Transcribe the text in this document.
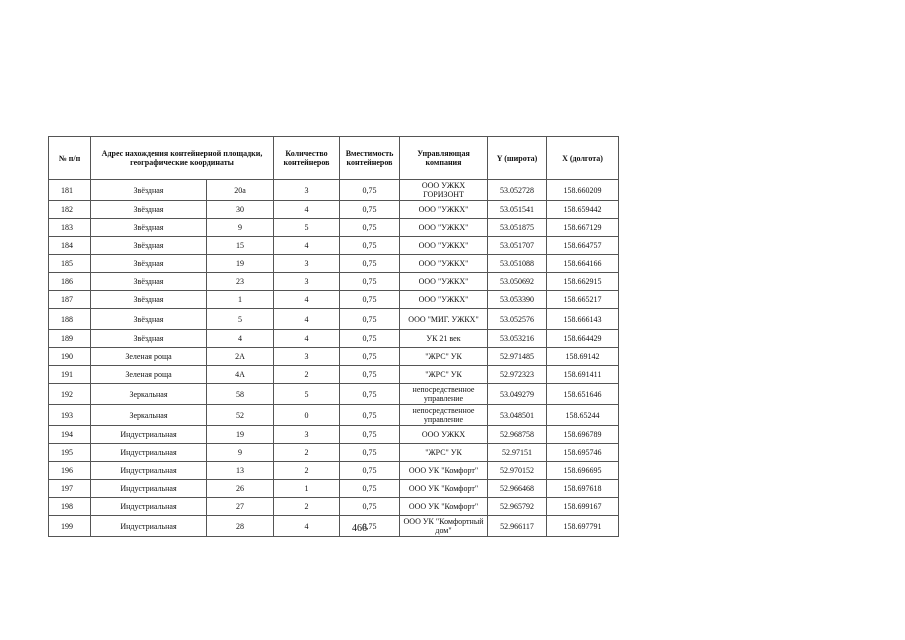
№ п/п	Адрес нахождения контейнерной площадки, географические координаты		Количество контейнеров	Вместимость контейнеров	Управляющая компания	Y (широта)	X (долгота)
181	Звёздная	20а	3	0,75	ООО УЖКХ ГОРИЗОНТ	53.052728	158.660209
182	Звёздная	30	4	0,75	ООО "УЖКХ"	53.051541	158.659442
183	Звёздная	9	5	0,75	ООО "УЖКХ"	53.051875	158.667129
184	Звёздная	15	4	0,75	ООО "УЖКХ"	53.051707	158.664757
185	Звёздная	19	3	0,75	ООО "УЖКХ"	53.051088	158.664166
186	Звёздная	23	3	0,75	ООО "УЖКХ"	53.050692	158.662915
187	Звёздная	1	4	0,75	ООО "УЖКХ"	53.053390	158.665217
188	Звёздная	5	4	0,75	ООО "МИГ. УЖКХ"	53.052576	158.666143
189	Звёздная	4	4	0,75	УК 21 век	53.053216	158.664429
190	Зеленая роща	2А	3	0,75	"ЖРС" УК	52.971485	158.69142
191	Зеленая роща	4А	2	0,75	"ЖРС" УК	52.972323	158.691411
192	Зеркальная	58	5	0,75	непосредственное управление	53.049279	158.651646
193	Зеркальная	52	0	0,75	непосредственное управление	53.048501	158.65244
194	Индустриальная	19	3	0,75	ООО УЖКХ	52.968758	158.696789
195	Индустриальная	9	2	0,75	"ЖРС" УК	52.97151	158.695746
196	Индустриальная	13	2	0,75	ООО УК "Комфорт"	52.970152	158.696695
197	Индустриальная	26	1	0,75	ООО УК "Комфорт"	52.966468	158.697618
198	Индустриальная	27	2	0,75	ООО УК "Комфорт"	52.965792	158.699167
199	Индустриальная	28	4	0,75	ООО УК "Комфортный дом"	52.966117	158.697791
466
